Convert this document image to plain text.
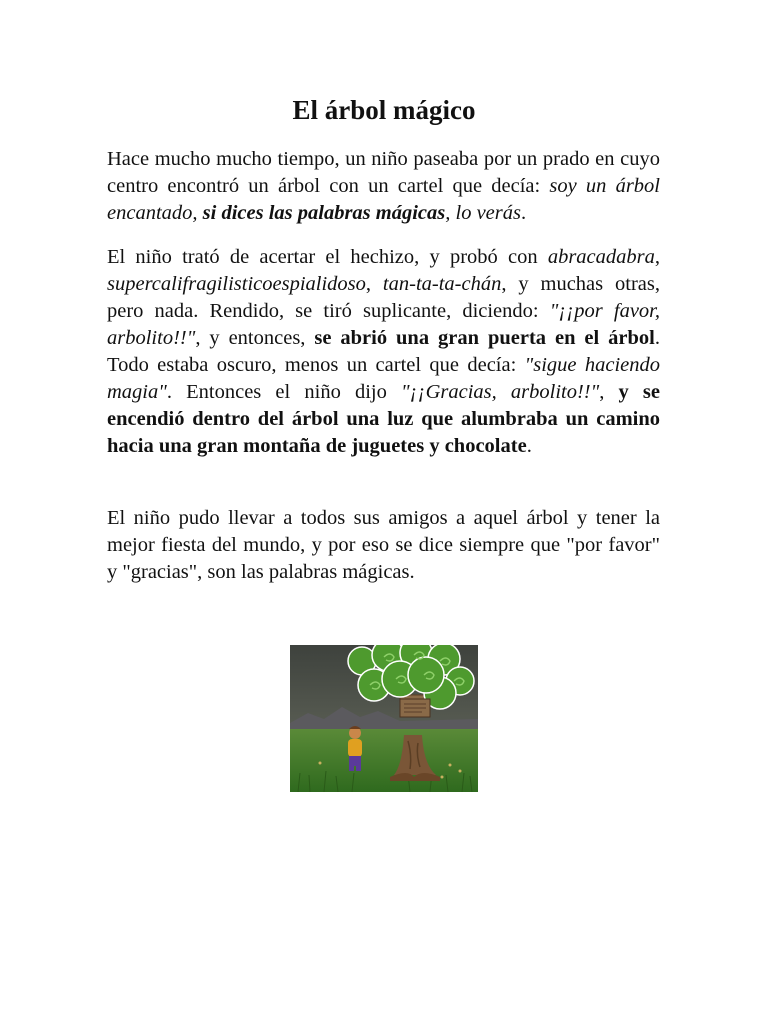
El árbol mágico

Hace mucho mucho tiempo, un niño paseaba por un prado en cuyo centro encontró un árbol con un cartel que decía: soy un árbol encantado, si dices las palabras mágicas, lo verás.

El niño trató de acertar el hechizo, y probó con abracadabra, supercalifragilisticoespialidoso, tan-ta-ta-chán, y muchas otras, pero nada. Rendido, se tiró suplicante, diciendo: "¡¡por favor, arbolito!!", y entonces, se abrió una gran puerta en el árbol. Todo estaba oscuro, menos un cartel que decía: "sigue haciendo magia". Entonces el niño dijo "¡¡Gracias, arbolito!!", y se encendió dentro del árbol una luz que alumbraba un camino hacia una gran montaña de juguetes y chocolate.

El niño pudo llevar a todos sus amigos a aquel árbol y tener la mejor fiesta del mundo, y por eso se dice siempre que "por favor" y "gracias", son las palabras mágicas.
